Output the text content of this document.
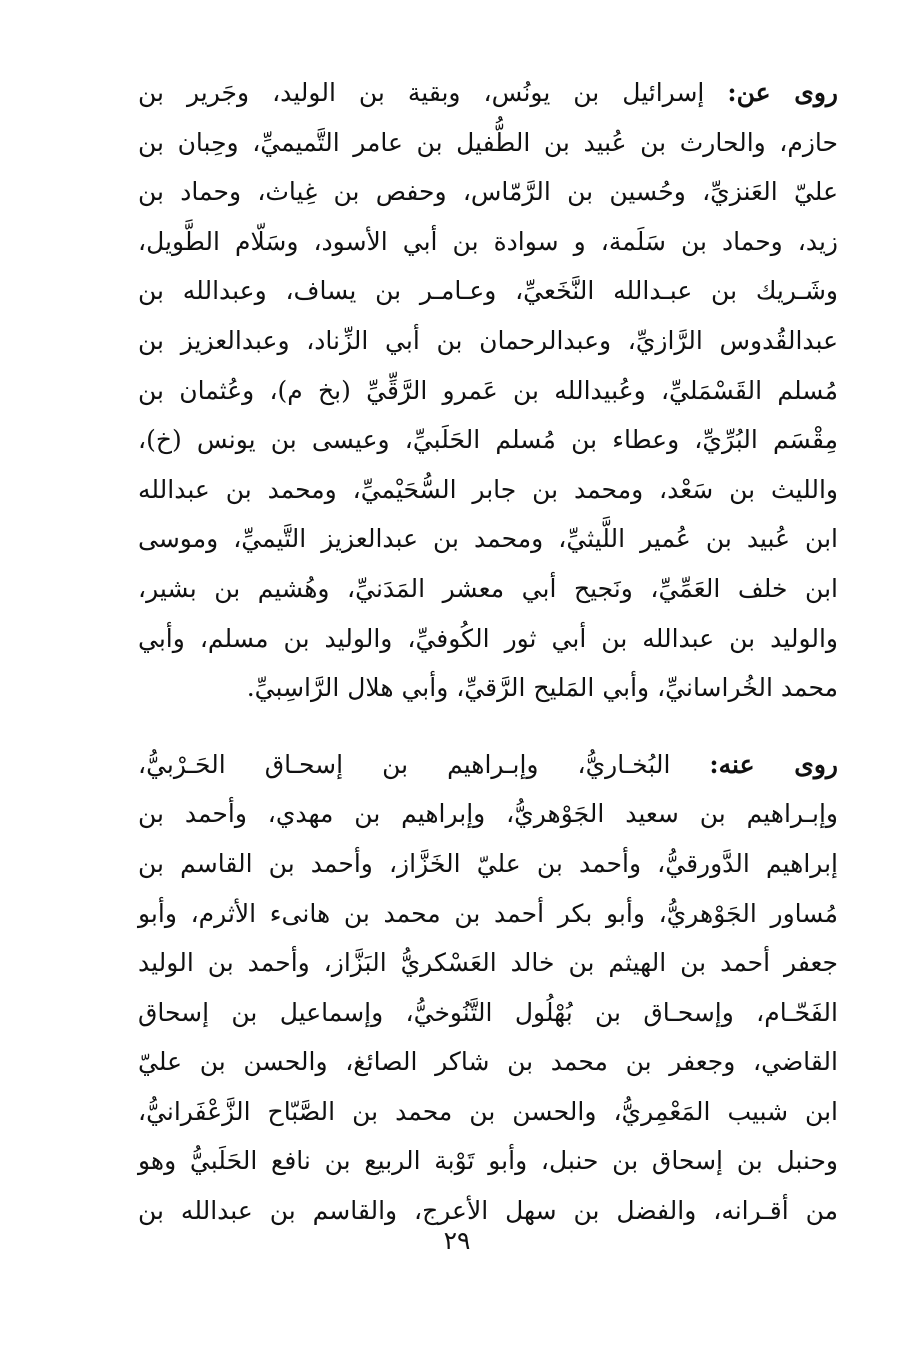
روى عن: إسرائيل بن يونُس، وبقية بن الوليد، وجَرير بن
حازم، والحارث بن عُبيد بن الطُّفيل بن عامر التَّميميِّ، وحِبان بن
عليّ العَنزيِّ، وحُسين بن الرَّمّاس، وحفص بن غِياث، وحماد بن
زيد، وحماد بن سَلَمة، و سوادة بن أبي الأسود، وسَلّام الطَّويل،
وشَـريك بن عبـدالله النَّخَعيِّ، وعـامـر بن يساف، وعبدالله بن
عبدالقُدوس الرَّازيِّ، وعبدالرحمان بن أبي الزِّناد، وعبدالعزيز بن
مُسلم القَسْمَليِّ، وعُبيدالله بن عَمرو الرَّقِّيِّ (بخ م)، وعُثمان بن
مِقْسَم البُرِّيِّ، وعطاء بن مُسلم الحَلَبيِّ، وعيسى بن يونس (خ)،
والليث بن سَعْد، ومحمد بن جابر السُّحَيْميِّ، ومحمد بن عبدالله
ابن عُبيد بن عُمير اللَّيثيِّ، ومحمد بن عبدالعزيز التَّيميِّ، وموسى
ابن خلف العَمِّيِّ، ونَجيح أبي معشر المَدَنيِّ، وهُشيم بن بشير،
والوليد بن عبدالله بن أبي ثور الكُوفيِّ، والوليد بن مسلم، وأبي
محمد الخُراسانيِّ، وأبي المَليح الرَّقيِّ، وأبي هلال الرَّاسِبيِّ.
روى عنه: البُخـاريُّ، وإبـراهيم بن إسحـاق الحَـرْبيُّ،
وإبـراهيم بن سعيد الجَوْهريُّ، وإبراهيم بن مهدي، وأحمد بن
إبراهيم الدَّورقيُّ، وأحمد بن عليّ الخَزَّاز، وأحمد بن القاسم بن
مُساور الجَوْهريُّ، وأبو بكر أحمد بن محمد بن هانىء الأثرم، وأبو
جعفر أحمد بن الهيثم بن خالد العَسْكريُّ البَزَّاز، وأحمد بن الوليد
الفَحّـام، وإسحـاق بن بُهْلُول التَّنُوخيُّ، وإسماعيل بن إسحاق
القاضي، وجعفر بن محمد بن شاكر الصائغ، والحسن بن عليّ
ابن شبيب المَعْمِريُّ، والحسن بن محمد بن الصَّبّاح الزَّعْفَرانيُّ،
وحنبل بن إسحاق بن حنبل، وأبو تَوْبة الربيع بن نافع الحَلَبيُّ وهو
من أقـرانه، والفضل بن سهل الأعرج، والقاسم بن عبدالله بن
٢٩
